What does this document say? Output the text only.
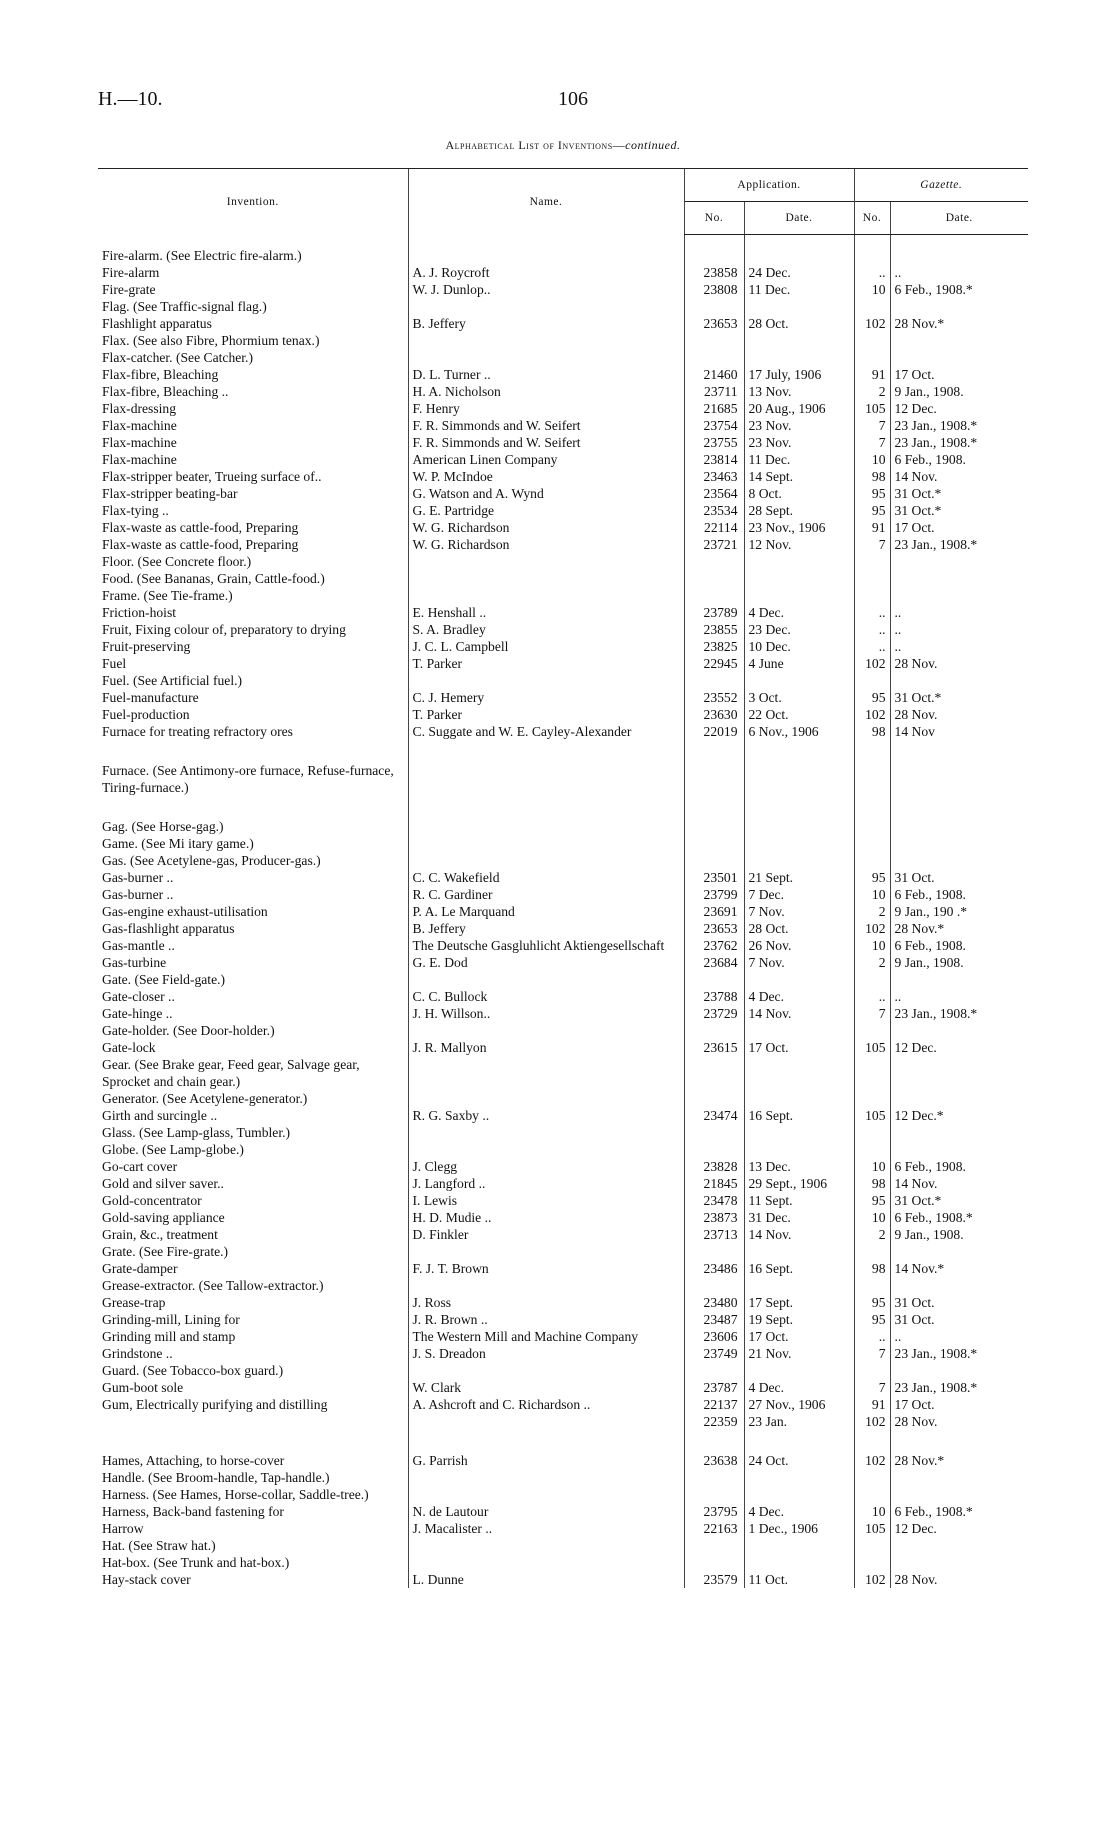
H.—10.	106
Alphabetical List of Inventions—continued.
Invention.	Name.	Application.		Gazette.	
		No.	Date.	No.	Date.

Fire-alarm. (See Electric fire-alarm.)					
Fire-alarm	A. J. Roycroft	23858	24 Dec.	..	..
Fire-grate	W. J. Dunlop..	23808	11 Dec.	10	6 Feb., 1908.*
Flag. (See Traffic-signal flag.)					
Flashlight apparatus	B. Jeffery	23653	28 Oct.	102	28 Nov.*
Flax. (See also Fibre, Phormium tenax.)					
Flax-catcher. (See Catcher.)					
Flax-fibre, Bleaching	D. L. Turner ..	21460	17 July, 1906	91	17 Oct.
Flax-fibre, Bleaching ..	H. A. Nicholson	23711	13 Nov.	2	9 Jan., 1908.
Flax-dressing	F. Henry	21685	20 Aug., 1906	105	12 Dec.
Flax-machine	F. R. Simmonds and W. Seifert	23754	23 Nov.	7	23 Jan., 1908.*
Flax-machine	F. R. Simmonds and W. Seifert	23755	23 Nov.	7	23 Jan., 1908.*
Flax-machine	American Linen Company	23814	11 Dec.	10	6 Feb., 1908.
Flax-stripper beater, Trueing surface of..	W. P. McIndoe	23463	14 Sept.	98	14 Nov.
Flax-stripper beating-bar	G. Watson and A. Wynd	23564	8 Oct.	95	31 Oct.*
Flax-tying ..	G. E. Partridge	23534	28 Sept.	95	31 Oct.*
Flax-waste as cattle-food, Preparing	W. G. Richardson	22114	23 Nov., 1906	91	17 Oct.
Flax-waste as cattle-food, Preparing	W. G. Richardson	23721	12 Nov.	7	23 Jan., 1908.*
Floor. (See Concrete floor.)					
Food. (See Bananas, Grain, Cattle-food.)					
Frame. (See Tie-frame.)					
Friction-hoist	E. Henshall ..	23789	4 Dec.	..	..
Fruit, Fixing colour of, preparatory to drying	S. A. Bradley	23855	23 Dec.	..	..
Fruit-preserving	J. C. L. Campbell	23825	10 Dec.	..	..
Fuel	T. Parker	22945	4 June	102	28 Nov.
Fuel. (See Artificial fuel.)					
Fuel-manufacture	C. J. Hemery	23552	3 Oct.	95	31 Oct.*
Fuel-production	T. Parker	23630	22 Oct.	102	28 Nov.
Furnace for treating refractory ores	C. Suggate and W. E. Cayley-Alexander	22019	6 Nov., 1906	98	14 Nov

Furnace. (See Antimony-ore furnace, Refuse-furnace, Tiring-furnace.)					

Gag. (See Horse-gag.)					
Game. (See Mi itary game.)					
Gas. (See Acetylene-gas, Producer-gas.)					
Gas-burner ..	C. C. Wakefield	23501	21 Sept.	95	31 Oct.
Gas-burner ..	R. C. Gardiner	23799	7 Dec.	10	6 Feb., 1908.
Gas-engine exhaust-utilisation	P. A. Le Marquand	23691	7 Nov.	2	9 Jan., 190 .*
Gas-flashlight apparatus	B. Jeffery	23653	28 Oct.	102	28 Nov.*
Gas-mantle ..	The Deutsche Gasgluhlicht Aktiengesellschaft	23762	26 Nov.	10	6 Feb., 1908.
Gas-turbine	G. E. Dod	23684	7 Nov.	2	9 Jan., 1908.
Gate. (See Field-gate.)					
Gate-closer ..	C. C. Bullock	23788	4 Dec.	..	..
Gate-hinge ..	J. H. Willson..	23729	14 Nov.	7	23 Jan., 1908.*
Gate-holder. (See Door-holder.)					
Gate-lock	J. R. Mallyon	23615	17 Oct.	105	12 Dec.
Gear. (See Brake gear, Feed gear, Salvage gear, Sprocket and chain gear.)					
Generator. (See Acetylene-generator.)					
Girth and surcingle ..	R. G. Saxby ..	23474	16 Sept.	105	12 Dec.*
Glass. (See Lamp-glass, Tumbler.)					
Globe. (See Lamp-globe.)					
Go-cart cover	J. Clegg	23828	13 Dec.	10	6 Feb., 1908.
Gold and silver saver..	J. Langford ..	21845	29 Sept., 1906	98	14 Nov.
Gold-concentrator	I. Lewis	23478	11 Sept.	95	31 Oct.*
Gold-saving appliance	H. D. Mudie ..	23873	31 Dec.	10	6 Feb., 1908.*
Grain, &c., treatment	D. Finkler	23713	14 Nov.	2	9 Jan., 1908.
Grate. (See Fire-grate.)					
Grate-damper	F. J. T. Brown	23486	16 Sept.	98	14 Nov.*
Grease-extractor. (See Tallow-extractor.)					
Grease-trap	J. Ross	23480	17 Sept.	95	31 Oct.
Grinding-mill, Lining for	J. R. Brown ..	23487	19 Sept.	95	31 Oct.
Grinding mill and stamp	The Western Mill and Machine Company	23606	17 Oct.	..	..
Grindstone ..	J. S. Dreadon	23749	21 Nov.	7	23 Jan., 1908.*
Guard. (See Tobacco-box guard.)					
Gum-boot sole	W. Clark	23787	4 Dec.	7	23 Jan., 1908.*
Gum, Electrically purifying and distilling	A. Ashcroft and C. Richardson ..	22137	27 Nov., 1906	91	17 Oct.
		22359	23 Jan.	102	28 Nov.

Hames, Attaching, to horse-cover	G. Parrish	23638	24 Oct.	102	28 Nov.*
Handle. (See Broom-handle, Tap-handle.)					
Harness. (See Hames, Horse-collar, Saddle-tree.)					
Harness, Back-band fastening for	N. de Lautour	23795	4 Dec.	10	6 Feb., 1908.*
Harrow	J. Macalister ..	22163	1 Dec., 1906	105	12 Dec.
Hat. (See Straw hat.)					
Hat-box. (See Trunk and hat-box.)					
Hay-stack cover	L. Dunne	23579	11 Oct.	102	28 Nov.
